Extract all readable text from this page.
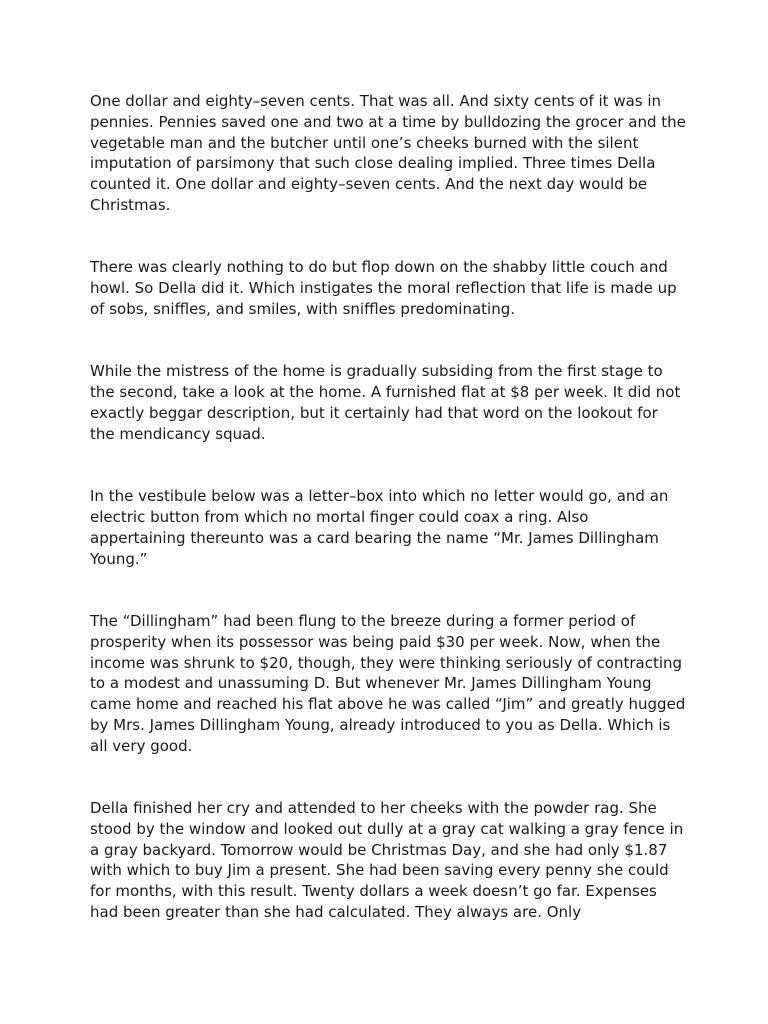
One dollar and eighty–seven cents. That was all. And sixty cents of it was in pennies. Pennies saved one and two at a time by bulldozing the grocer and the vegetable man and the butcher until one’s cheeks burned with the silent imputation of parsimony that such close dealing implied. Three times Della counted it. One dollar and eighty–seven cents. And the next day would be Christmas.

There was clearly nothing to do but flop down on the shabby little couch and howl. So Della did it. Which instigates the moral reflection that life is made up of sobs, sniffles, and smiles, with sniffles predominating.

While the mistress of the home is gradually subsiding from the first stage to the second, take a look at the home. A furnished flat at $8 per week. It did not exactly beggar description, but it certainly had that word on the lookout for the mendicancy squad.

In the vestibule below was a letter–box into which no letter would go, and an electric button from which no mortal finger could coax a ring. Also appertaining thereunto was a card bearing the name “Mr. James Dillingham Young.”

The “Dillingham” had been flung to the breeze during a former period of prosperity when its possessor was being paid $30 per week. Now, when the income was shrunk to $20, though, they were thinking seriously of contracting to a modest and unassuming D. But whenever Mr. James Dillingham Young came home and reached his flat above he was called “Jim” and greatly hugged by Mrs. James Dillingham Young, already introduced to you as Della. Which is all very good.

Della finished her cry and attended to her cheeks with the powder rag. She stood by the window and looked out dully at a gray cat walking a gray fence in a gray backyard. Tomorrow would be Christmas Day, and she had only $1.87 with which to buy Jim a present. She had been saving every penny she could for months, with this result. Twenty dollars a week doesn’t go far. Expenses had been greater than she had calculated. They always are. Only
